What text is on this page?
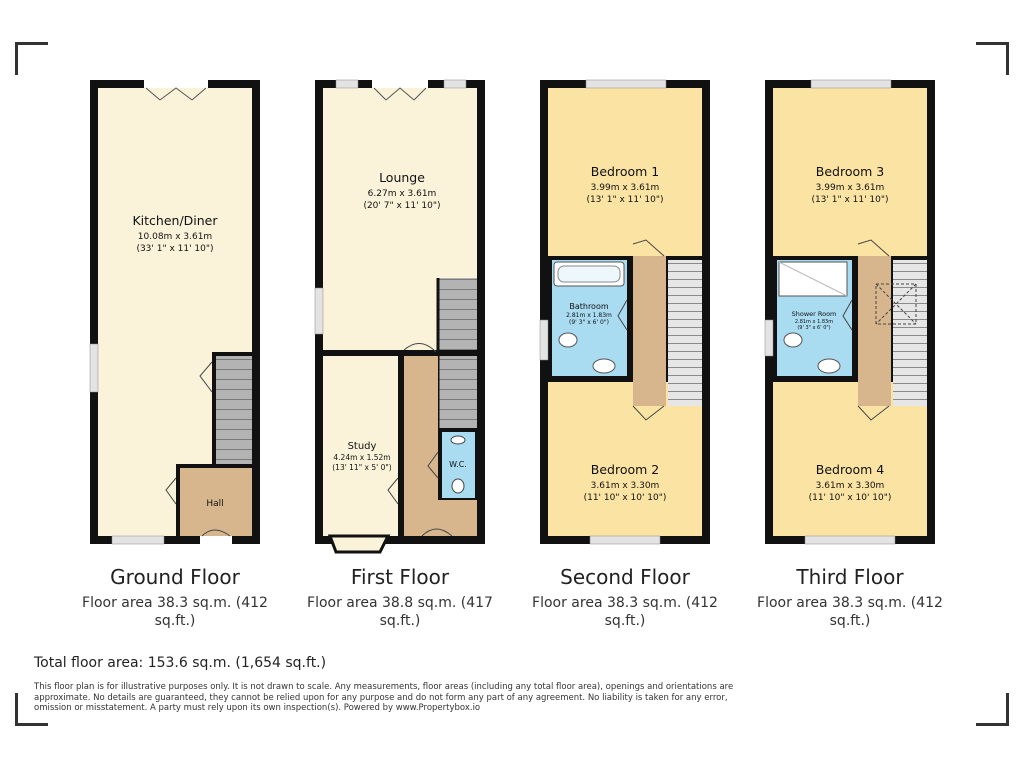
Kitchen/Diner
10.08m x 3.61m
(33' 1" x 11' 10")
Hall
Lounge
6.27m x 3.61m
(20' 7" x 11' 10")
Study
4.24m x 1.52m
(13' 11" x 5' 0")	W.C.
Bedroom 1
3.99m x 3.61m
(13' 1" x 11' 10")
Bathroom
2.81m x 1.83m
(9' 3" x 6' 0")
Bedroom 2
3.61m x 3.30m
(11' 10" x 10' 10")
Bedroom 3
3.99m x 3.61m
(13' 1" x 11' 10")
Shower Room
2.81m x 1.83m
(9' 3" x 6' 0")
Bedroom 4
3.61m x 3.30m
(11' 10" x 10' 10")
Ground Floor
Floor area 38.3 sq.m. (412 sq.ft.)
First Floor
Floor area 38.8 sq.m. (417 sq.ft.)
Second Floor
Floor area 38.3 sq.m. (412 sq.ft.)
Third Floor
Floor area 38.3 sq.m. (412 sq.ft.)
Total floor area: 153.6 sq.m. (1,654 sq.ft.)
This floor plan is for illustrative purposes only. It is not drawn to scale. Any measurements, floor areas (including any total floor area), openings and orientations are approximate. No details are guaranteed, they cannot be relied upon for any purpose and do not form any part of any agreement. No liability is taken for any error, omission or misstatement. A party must rely upon its own inspection(s). Powered by www.Propertybox.io
